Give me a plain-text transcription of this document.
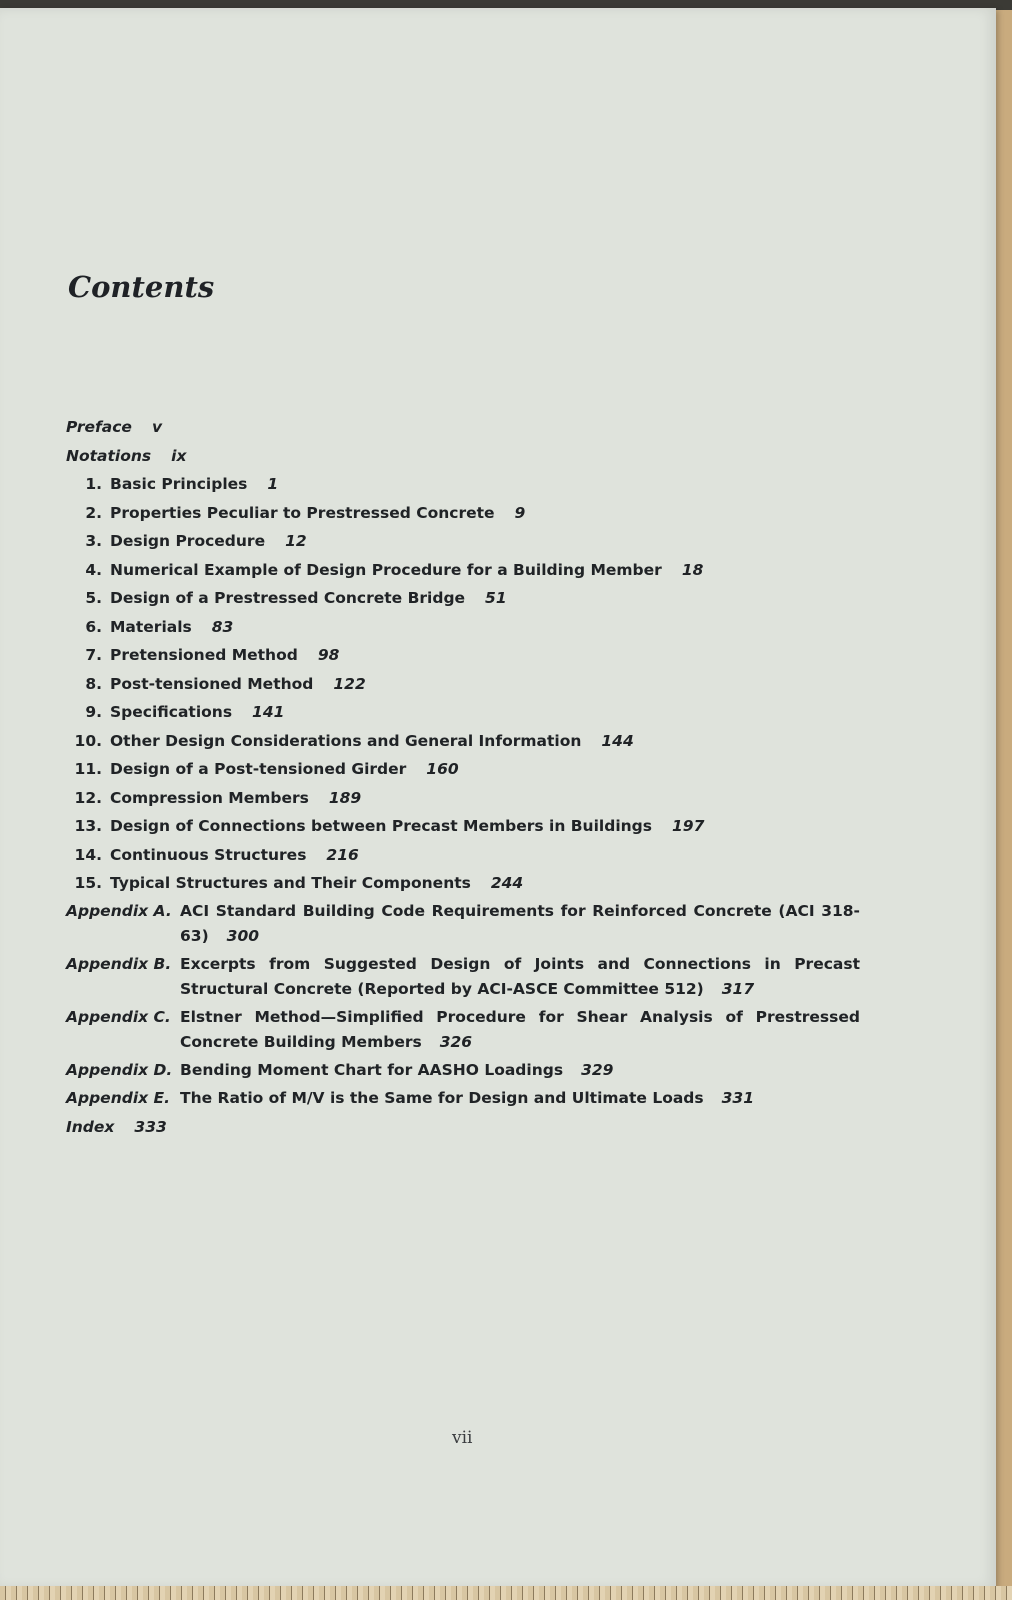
Contents
Preface v
Notations ix
1. Basic Principles 1
2. Properties Peculiar to Prestressed Concrete 9
3. Design Procedure 12
4. Numerical Example of Design Procedure for a Building Member 18
5. Design of a Prestressed Concrete Bridge 51
6. Materials 83
7. Pretensioned Method 98
8. Post-tensioned Method 122
9. Specifications 141
10. Other Design Considerations and General Information 144
11. Design of a Post-tensioned Girder 160
12. Compression Members 189
13. Design of Connections between Precast Members in Buildings 197
14. Continuous Structures 216
15. Typical Structures and Their Components 244
Appendix A. ACI Standard Building Code Requirements for Reinforced Concrete (ACI 318-63) 300
Appendix B. Excerpts from Suggested Design of Joints and Connections in Precast Structural Concrete (Reported by ACI-ASCE Committee 512) 317
Appendix C. Elstner Method—Simplified Procedure for Shear Analysis of Prestressed Concrete Building Members 326
Appendix D. Bending Moment Chart for AASHO Loadings 329
Appendix E. The Ratio of M/V is the Same for Design and Ultimate Loads 331
Index 333
vii
